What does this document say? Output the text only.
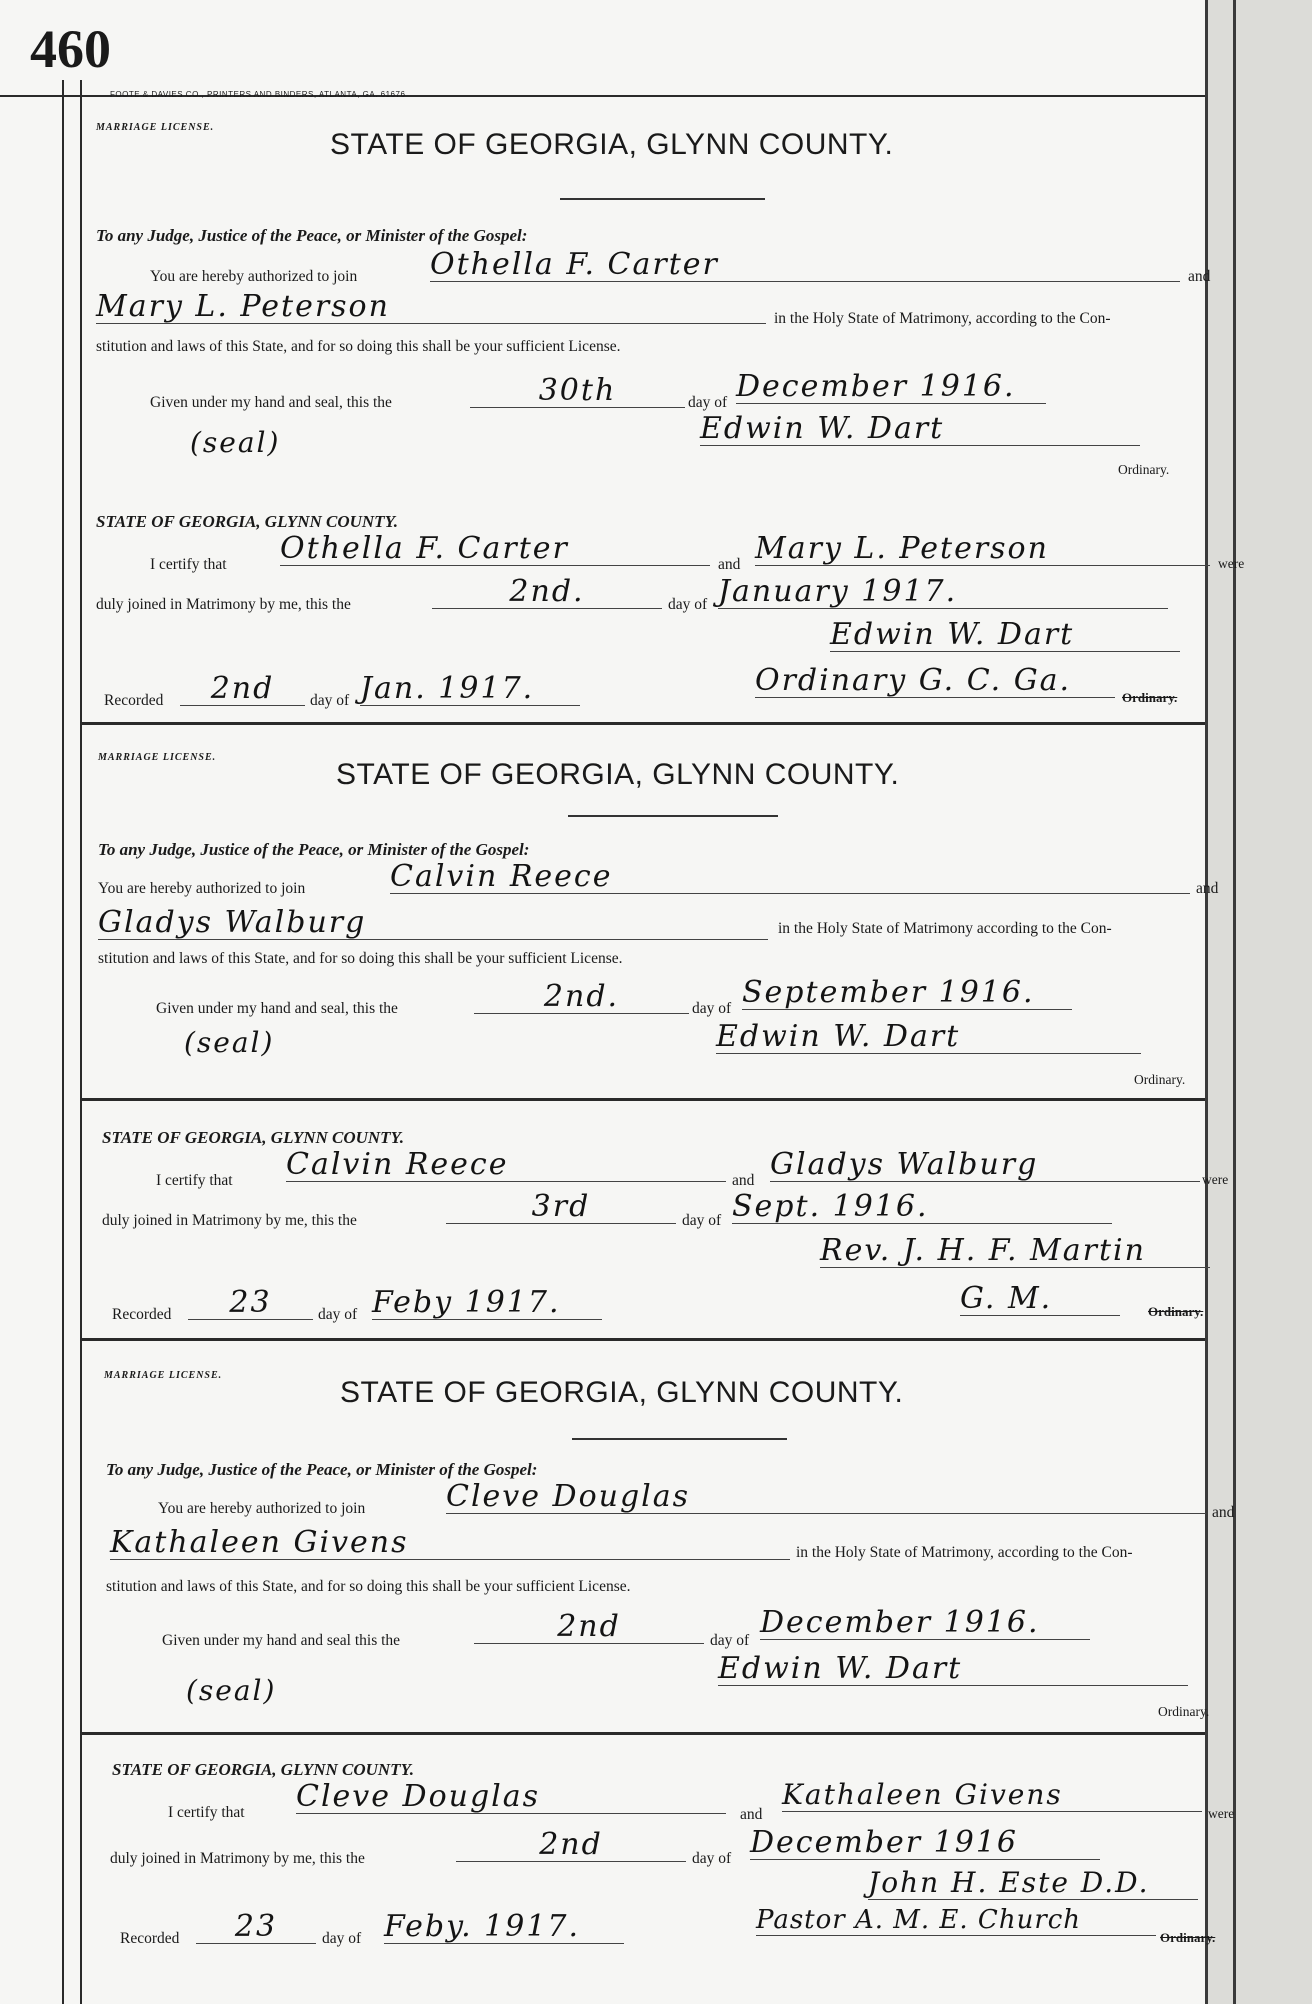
460
FOOTE & DAVIES CO., PRINTERS AND BINDERS, ATLANTA, GA. 61676
MARRIAGE LICENSE.
STATE OF GEORGIA, GLYNN COUNTY.
To any Judge, Justice of the Peace, or Minister of the Gospel:
You are hereby authorized to join Othella F. Carter	and
Mary L. Peterson	in the Holy State of Matrimony, according to the Con-
stitution and laws of this State, and for so doing this shall be your sufficient License.
Given under my hand and seal, this the	30th	day of December 1916.
(seal)	Edwin W. Dart
Ordinary.
STATE OF GEORGIA, GLYNN COUNTY.
I certify that Othella F. Carter	and Mary L. Peterson	were
duly joined in Matrimony by me, this the	2nd.	day of January 1917.
Edwin W. Dart
Recorded	2nd	day of Jan. 1917.	Ordinary G. C. Ga.	Ordinary.
MARRIAGE LICENSE.
STATE OF GEORGIA, GLYNN COUNTY.
To any Judge, Justice of the Peace, or Minister of the Gospel:
You are hereby authorized to join	Calvin Reece	and
Gladys Walburg	in the Holy State of Matrimony according to the Con-
stitution and laws of this State, and for so doing this shall be your sufficient License.
Given under my hand and seal, this the	2nd.	day of September 1916.
(seal)	Edwin W. Dart
Ordinary.
STATE OF GEORGIA, GLYNN COUNTY.
I certify that Calvin Reece	and Gladys Walburg	were
duly joined in Matrimony by me, this the	3rd	day of Sept. 1916.
Rev. J. H. F. Martin
Recorded	23	day of Feby 1917.	G. M.	Ordinary.
MARRIAGE LICENSE.
STATE OF GEORGIA, GLYNN COUNTY.
To any Judge, Justice of the Peace, or Minister of the Gospel:
You are hereby authorized to join	Cleve Douglas	and
Kathaleen Givens	in the Holy State of Matrimony, according to the Con-
stitution and laws of this State, and for so doing this shall be your sufficient License.
Given under my hand and seal this the	2nd	day of
December 1916.
(seal)
Edwin W. Dart
Ordinary.
STATE OF GEORGIA, GLYNN COUNTY.
I certify that Cleve Douglas
and
Kathaleen Givens
were
duly joined in Matrimony by me, this the	2nd	day of December 1916
John H. Este D.D.
Recorded	23	day of Feby. 1917.	Pastor A. M. E. Church
Ordinary.
